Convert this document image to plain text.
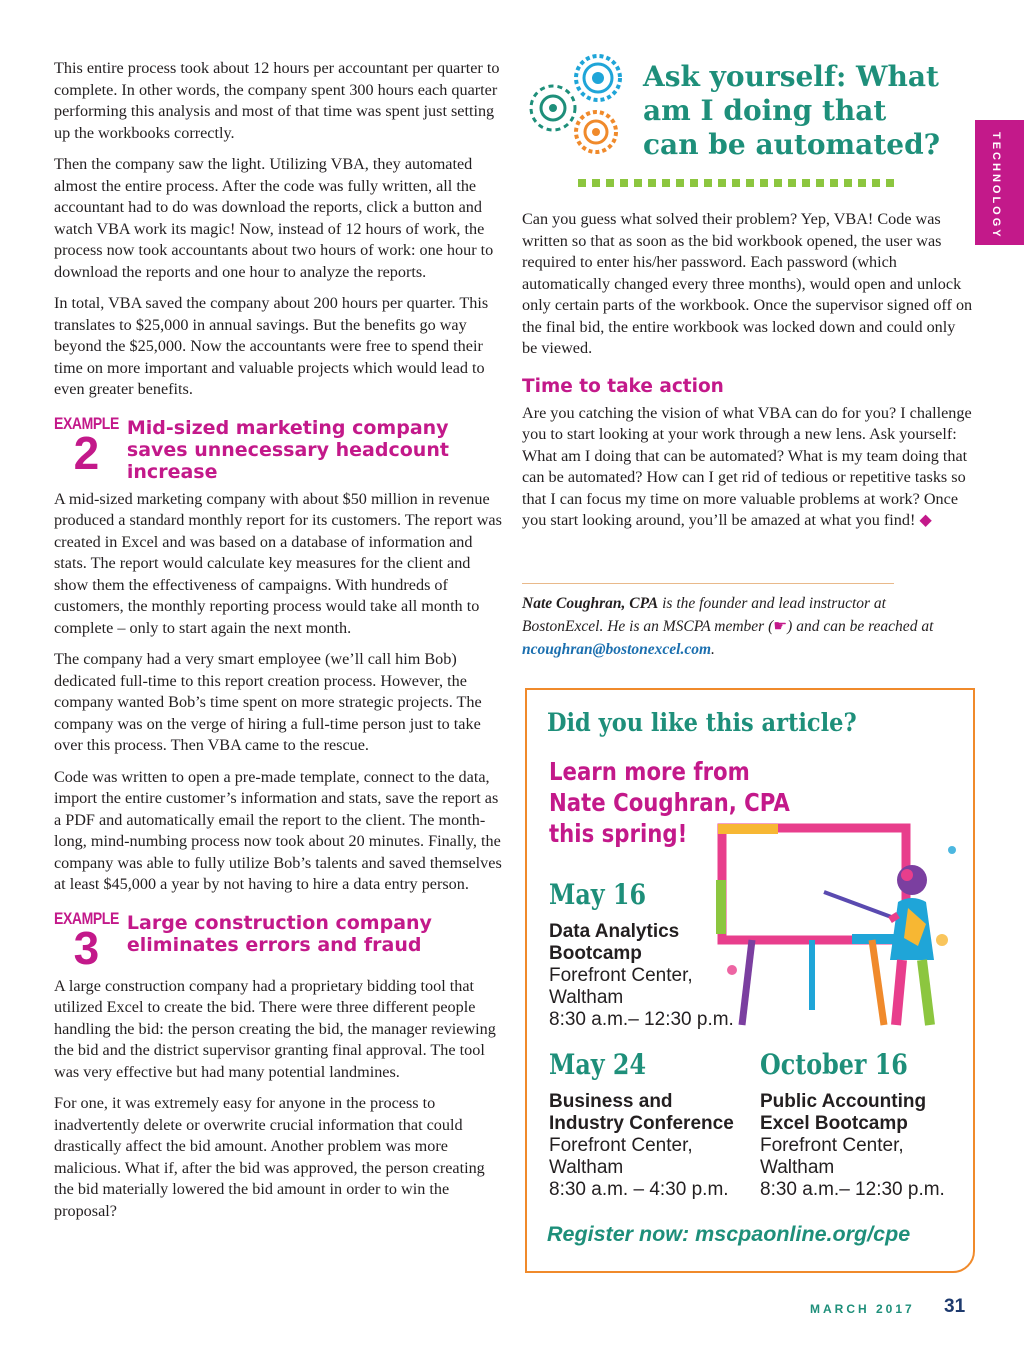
This entire process took about 12 hours per accountant per quarter to complete. In other words, the company spent 300 hours each quarter performing this analysis and most of that time was spent just setting up the workbooks correctly.

Then the company saw the light. Utilizing VBA, they automated almost the entire process. After the code was fully written, all the accountant had to do was download the reports, click a button and watch VBA work its magic! Now, instead of 12 hours of work, the process now took accountants about two hours of work: one hour to download the reports and one hour to analyze the reports.

In total, VBA saved the company about 200 hours per quarter. This translates to $25,000 in annual savings. But the benefits go way beyond the $25,000. Now the accountants were free to spend their time on more important and valuable projects which would lead to even greater benefits.

EXAMPLE
2	Mid-sized marketing company saves unnecessary headcount increase

A mid-sized marketing company with about $50 million in revenue produced a standard monthly report for its customers. The report was created in Excel and was based on a database of information and stats. The report would calculate key measures for the client and show them the effectiveness of campaigns. With hundreds of customers, the monthly reporting process would take all month to complete – only to start again the next month.

The company had a very smart employee (we’ll call him Bob) dedicated full-time to this report creation process. However, the company wanted Bob’s time spent on more strategic projects. The company was on the verge of hiring a full-time person just to take over this process. Then VBA came to the rescue.

Code was written to open a pre-made template, connect to the data, import the entire customer’s information and stats, save the report as a PDF and automatically email the report to the client. The month-long, mind-numbing process now took about 20 minutes. Finally, the company was able to fully utilize Bob’s talents and saved themselves at least $45,000 a year by not having to hire a data entry person.

EXAMPLE
3	Large construction company eliminates errors and fraud

A large construction company had a proprietary bidding tool that utilized Excel to create the bid. There were three different people handling the bid: the person creating the bid, the manager reviewing the bid and the district supervisor granting final approval. The tool was very effective but had many potential landmines.

For one, it was extremely easy for anyone in the process to inadvertently delete or overwrite crucial information that could drastically affect the bid amount. Another problem was more malicious. What if, after the bid was approved, the person creating the bid materially lowered the bid amount in order to win the proposal?

Ask yourself: What am I doing that can be automated?	TECHNOLOGY

Can you guess what solved their problem? Yep, VBA! Code was written so that as soon as the bid workbook opened, the user was required to enter his/her password. Each password (which automatically changed every three months), would open and unlock only certain parts of the workbook. Once the supervisor signed off on the final bid, the entire workbook was locked down and could only be viewed.

Time to take action

Are you catching the vision of what VBA can do for you? I challenge you to start looking at your work through a new lens. Ask yourself: What am I doing that can be automated? What is my team doing that can be automated? How can I get rid of tedious or repetitive tasks so that I can focus my time on more valuable problems at work? Once you start looking around, you’ll be amazed at what you find! ◆

Nate Coughran, CPA is the founder and lead instructor at BostonExcel. He is an MSCPA member (☛) and can be reached at ncoughran@bostonexcel.com.
Did you like this article?
Learn more from
Nate Coughran, CPA
this spring!
May 16
Data Analytics Bootcamp
Forefront Center, Waltham
8:30 a.m.– 12:30 p.m.
May 24
Business and Industry Conference
Forefront Center, Waltham
8:30 a.m. – 4:30 p.m.
October 16
Public Accounting Excel Bootcamp
Forefront Center, Waltham
8:30 a.m.– 12:30 p.m.
Register now: mscpaonline.org/cpe
MARCH 2017 31
